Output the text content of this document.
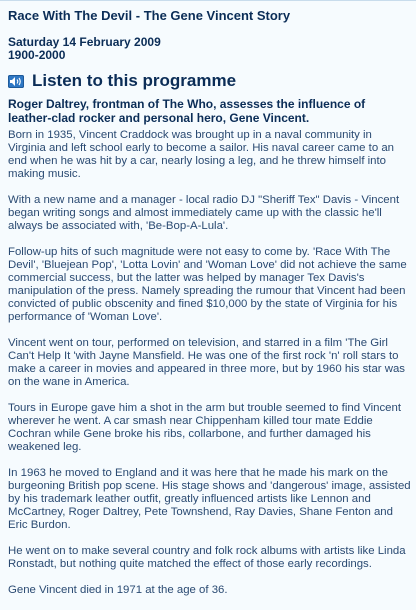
Race With The Devil - The Gene Vincent Story
Saturday 14 February 2009
1900-2000
Listen to this programme
Roger Daltrey, frontman of The Who, assesses the influence of leather-clad rocker and personal hero, Gene Vincent.

Born in 1935, Vincent Craddock was brought up in a naval community in Virginia and left school early to become a sailor. His naval career came to an end when he was hit by a car, nearly losing a leg, and he threw himself into making music.

With a new name and a manager - local radio DJ "Sheriff Tex" Davis - Vincent began writing songs and almost immediately came up with the classic he'll always be associated with, 'Be-Bop-A-Lula'.

Follow-up hits of such magnitude were not easy to come by. 'Race With The Devil', 'Bluejean Pop', 'Lotta Lovin' and 'Woman Love' did not achieve the same commercial success, but the latter was helped by manager Tex Davis's manipulation of the press. Namely spreading the rumour that Vincent had been convicted of public obscenity and fined $10,000 by the state of Virginia for his performance of 'Woman Love'.

Vincent went on tour, performed on television, and starred in a film 'The Girl Can't Help It 'with Jayne Mansfield. He was one of the first rock 'n' roll stars to make a career in movies and appeared in three more, but by 1960 his star was on the wane in America.

Tours in Europe gave him a shot in the arm but trouble seemed to find Vincent wherever he went. A car smash near Chippenham killed tour mate Eddie Cochran while Gene broke his ribs, collarbone, and further damaged his weakened leg.

In 1963 he moved to England and it was here that he made his mark on the burgeoning British pop scene. His stage shows and 'dangerous' image, assisted by his trademark leather outfit, greatly influenced artists like Lennon and McCartney, Roger Daltrey, Pete Townshend, Ray Davies, Shane Fenton and Eric Burdon.

He went on to make several country and folk rock albums with artists like Linda Ronstadt, but nothing quite matched the effect of those early recordings.

Gene Vincent died in 1971 at the age of 36.
